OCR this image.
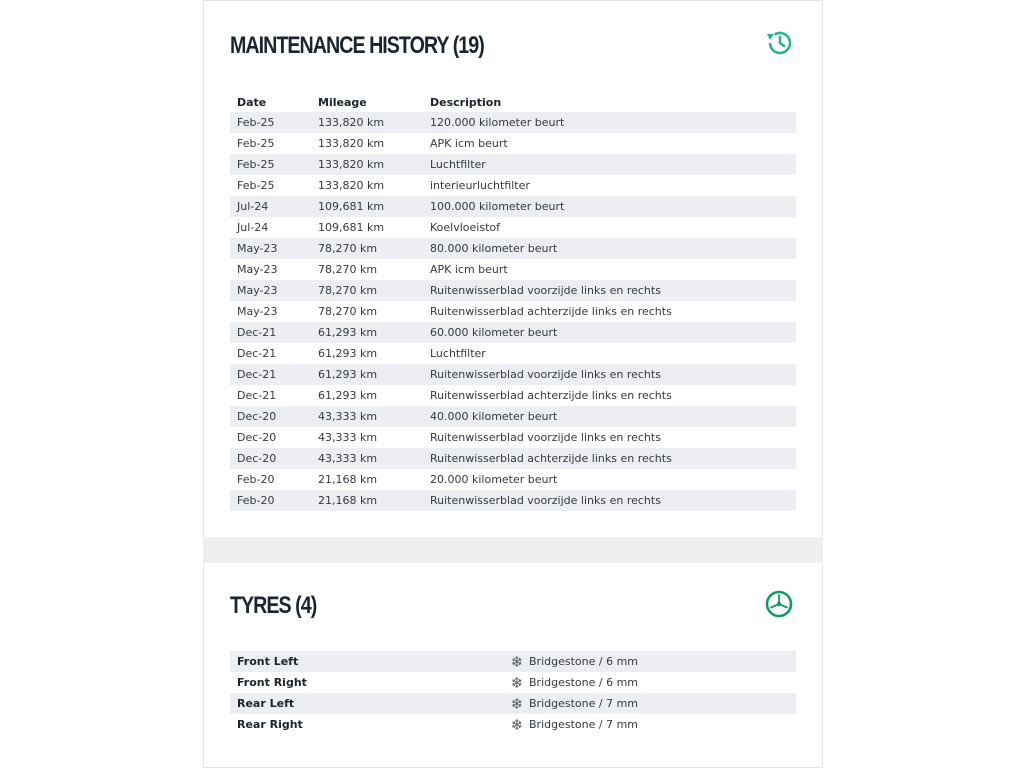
MAINTENANCE HISTORY (19)
Date	Mileage	Description
Feb-25	133,820 km	120.000 kilometer beurt
Feb-25	133,820 km	APK icm beurt
Feb-25	133,820 km	Luchtfilter
Feb-25	133,820 km	interieurluchtfilter
Jul-24	109,681 km	100.000 kilometer beurt
Jul-24	109,681 km	Koelvloeistof
May-23	78,270 km	80.000 kilometer beurt
May-23	78,270 km	APK icm beurt
May-23	78,270 km	Ruitenwisserblad voorzijde links en rechts
May-23	78,270 km	Ruitenwisserblad achterzijde links en rechts
Dec-21	61,293 km	60.000 kilometer beurt
Dec-21	61,293 km	Luchtfilter
Dec-21	61,293 km	Ruitenwisserblad voorzijde links en rechts
Dec-21	61,293 km	Ruitenwisserblad achterzijde links en rechts
Dec-20	43,333 km	40.000 kilometer beurt
Dec-20	43,333 km	Ruitenwisserblad voorzijde links en rechts
Dec-20	43,333 km	Ruitenwisserblad achterzijde links en rechts
Feb-20	21,168 km	20.000 kilometer beurt
Feb-20	21,168 km	Ruitenwisserblad voorzijde links en rechts
TYRES (4)
Front Left	❄	Bridgestone / 6 mm
Front Right	❄	Bridgestone / 6 mm
Rear Left	❄	Bridgestone / 7 mm
Rear Right	❄	Bridgestone / 7 mm
